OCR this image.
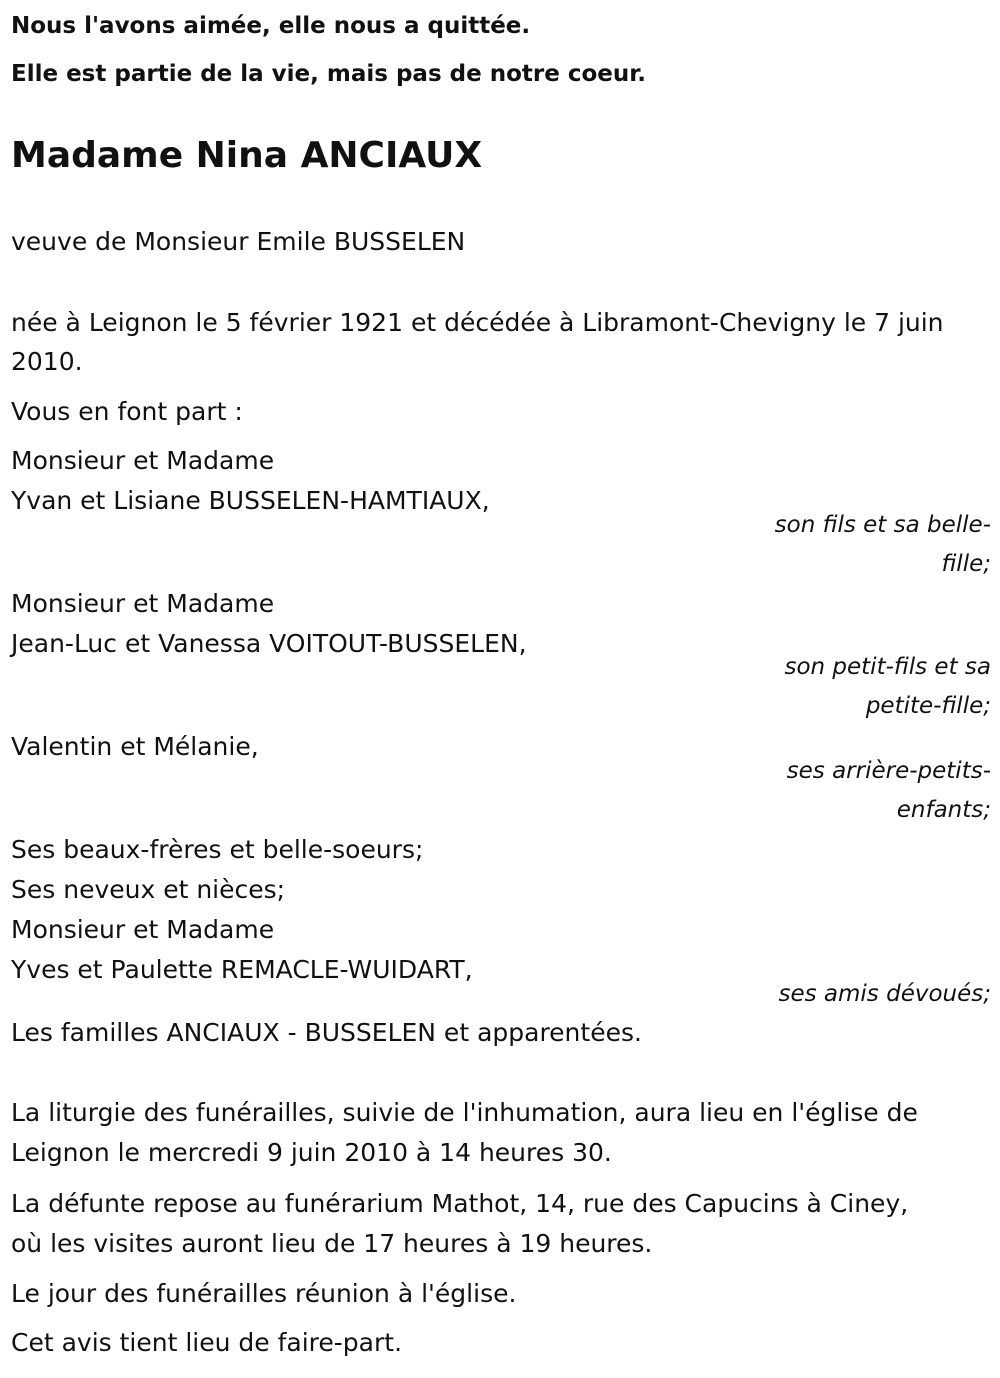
Nous l'avons aimée, elle nous a quittée.
Elle est partie de la vie, mais pas de notre coeur.
Madame Nina ANCIAUX
veuve de Monsieur Emile BUSSELEN
née à Leignon le 5 février 1921 et décédée à Libramont-Chevigny le 7 juin
2010.
Vous en font part :
Monsieur et Madame
Yvan et Lisiane BUSSELEN-HAMTIAUX,
son fils et sa belle-
fille;
Monsieur et Madame
Jean-Luc et Vanessa VOITOUT-BUSSELEN,
son petit-fils et sa
petite-fille;
Valentin et Mélanie,
ses arrière-petits-
enfants;
Ses beaux-frères et belle-soeurs;
Ses neveux et nièces;
Monsieur et Madame
Yves et Paulette REMACLE-WUIDART,
ses amis dévoués;
Les familles ANCIAUX - BUSSELEN et apparentées.
La liturgie des funérailles, suivie de l'inhumation, aura lieu en l'église de
Leignon le mercredi 9 juin 2010 à 14 heures 30.
La défunte repose au funérarium Mathot, 14, rue des Capucins à Ciney,
où les visites auront lieu de 17 heures à 19 heures.
Le jour des funérailles réunion à l'église.
Cet avis tient lieu de faire-part.
